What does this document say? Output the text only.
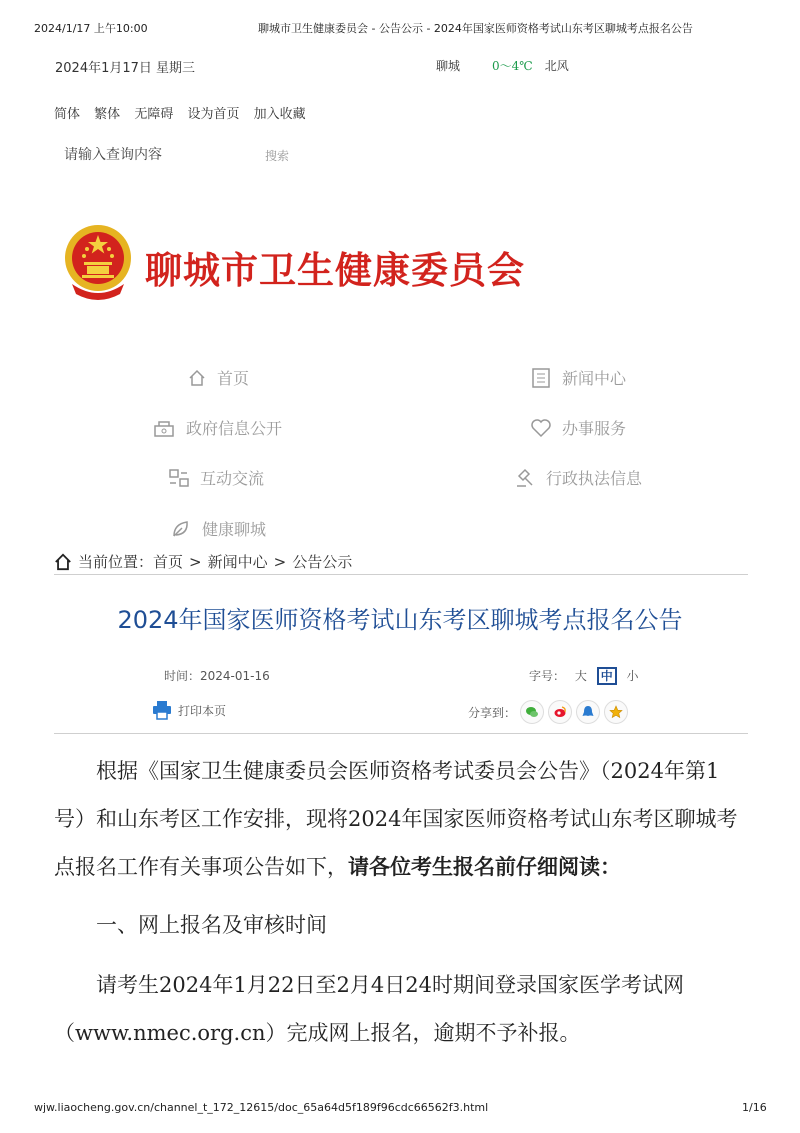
2024/1/17 上午10:00	聊城市卫生健康委员会 - 公告公示 - 2024年国家医师资格考试山东考区聊城考点报名公告
2024年1月17日 星期三	聊城	0～4℃ 北风
简体 繁体 无障碍 设为首页 加入收藏
请输入查询内容
搜索
聊城市卫生健康委员会
首页	新闻中心
政府信息公开	办事服务
互动交流	行政执法信息
健康聊城
当前位置： 首页 > 新闻中心 > 公告公示
2024年国家医师资格考试山东考区聊城考点报名公告
时间：2024-01-16	字号： 大 中 小
打印本页	分享到：

根据《国家卫生健康委员会医师资格考试委员会公告》（2024年第1号）和山东考区工作安排，现将2024年国家医师资格考试山东考区聊城考点报名工作有关事项公告如下，请各位考生报名前仔细阅读：

一、网上报名及审核时间

请考生2024年1月22日至2月4日24时期间登录国家医学考试网（www.nmec.org.cn）完成网上报名，逾期不予补报。

wjw.liaocheng.gov.cn/channel_t_172_12615/doc_65a64d5f189f96cdc66562f3.html	1/16
